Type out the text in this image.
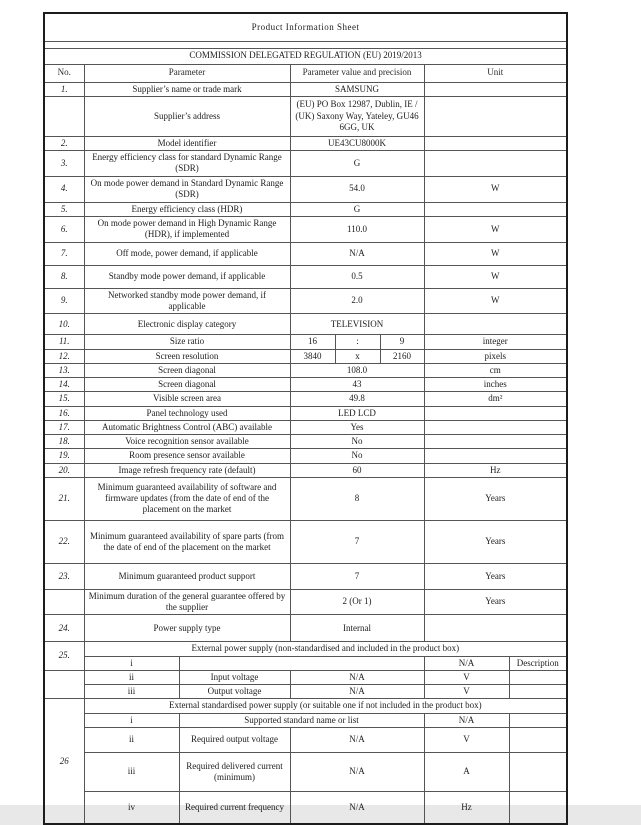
Product Information Sheet							

COMMISSION DELEGATED REGULATION (EU) 2019/2013							
No.	Parameter		Parameter value and precision			Unit	
1.	Supplier’s name or trade mark		SAMSUNG				
	Supplier’s address		(EU) PO Box 12987, Dublin, IE / (UK) Saxony Way, Yateley, GU46 6GG, UK				
2.	Model identifier		UE43CU8000K				
3.	Energy efficiency class for standard Dynamic Range (SDR)		G				
4.	On mode power demand in Standard Dynamic Range (SDR)		54.0			W	
5.	Energy efficiency class (HDR)		G				
6.	On mode power demand in High Dynamic Range (HDR), if implemented		110.0			W	
7.	Off mode, power demand, if applicable		N/A			W	
8.	Standby mode power demand, if applicable		0.5			W	
9.	Networked standby mode power demand, if applicable		2.0			W	
10.	Electronic display category		TELEVISION				
11.	Size ratio		16	:	9	integer	
12.	Screen resolution		3840	x	2160	pixels	
13.	Screen diagonal		108.0			cm	
14.	Screen diagonal		43			inches	
15.	Visible screen area		49.8			dm²	
16.	Panel technology used		LED LCD				
17.	Automatic Brightness Control (ABC) available		Yes				
18.	Voice recognition sensor available		No				
19.	Room presence sensor available		No				
20.	Image refresh frequency rate (default)		60			Hz	
21.	Minimum guaranteed availability of software and firmware updates (from the date of end of the placement on the market		8			Years	
22.	Minimum guaranteed availability of spare parts (from the date of end of the placement on the market		7			Years	
23.	Minimum guaranteed product support		7			Years	
	Minimum duration of the general guarantee offered by the supplier		2 (Or 1)			Years	
24.	Power supply type		Internal				
25.	External power supply (non-standardised and included in the product box)						
	i					N/A	Description
	ii	Input voltage	N/A			V	
	iii	Output voltage	N/A			V	
26	External standardised power supply (or suitable one if not included in the product box)						
	i	Supported standard name or list				N/A	
	ii	Required output voltage	N/A			V	
	iii	Required delivered current (minimum)	N/A			A	
	iv	Required current frequency	N/A			Hz	
